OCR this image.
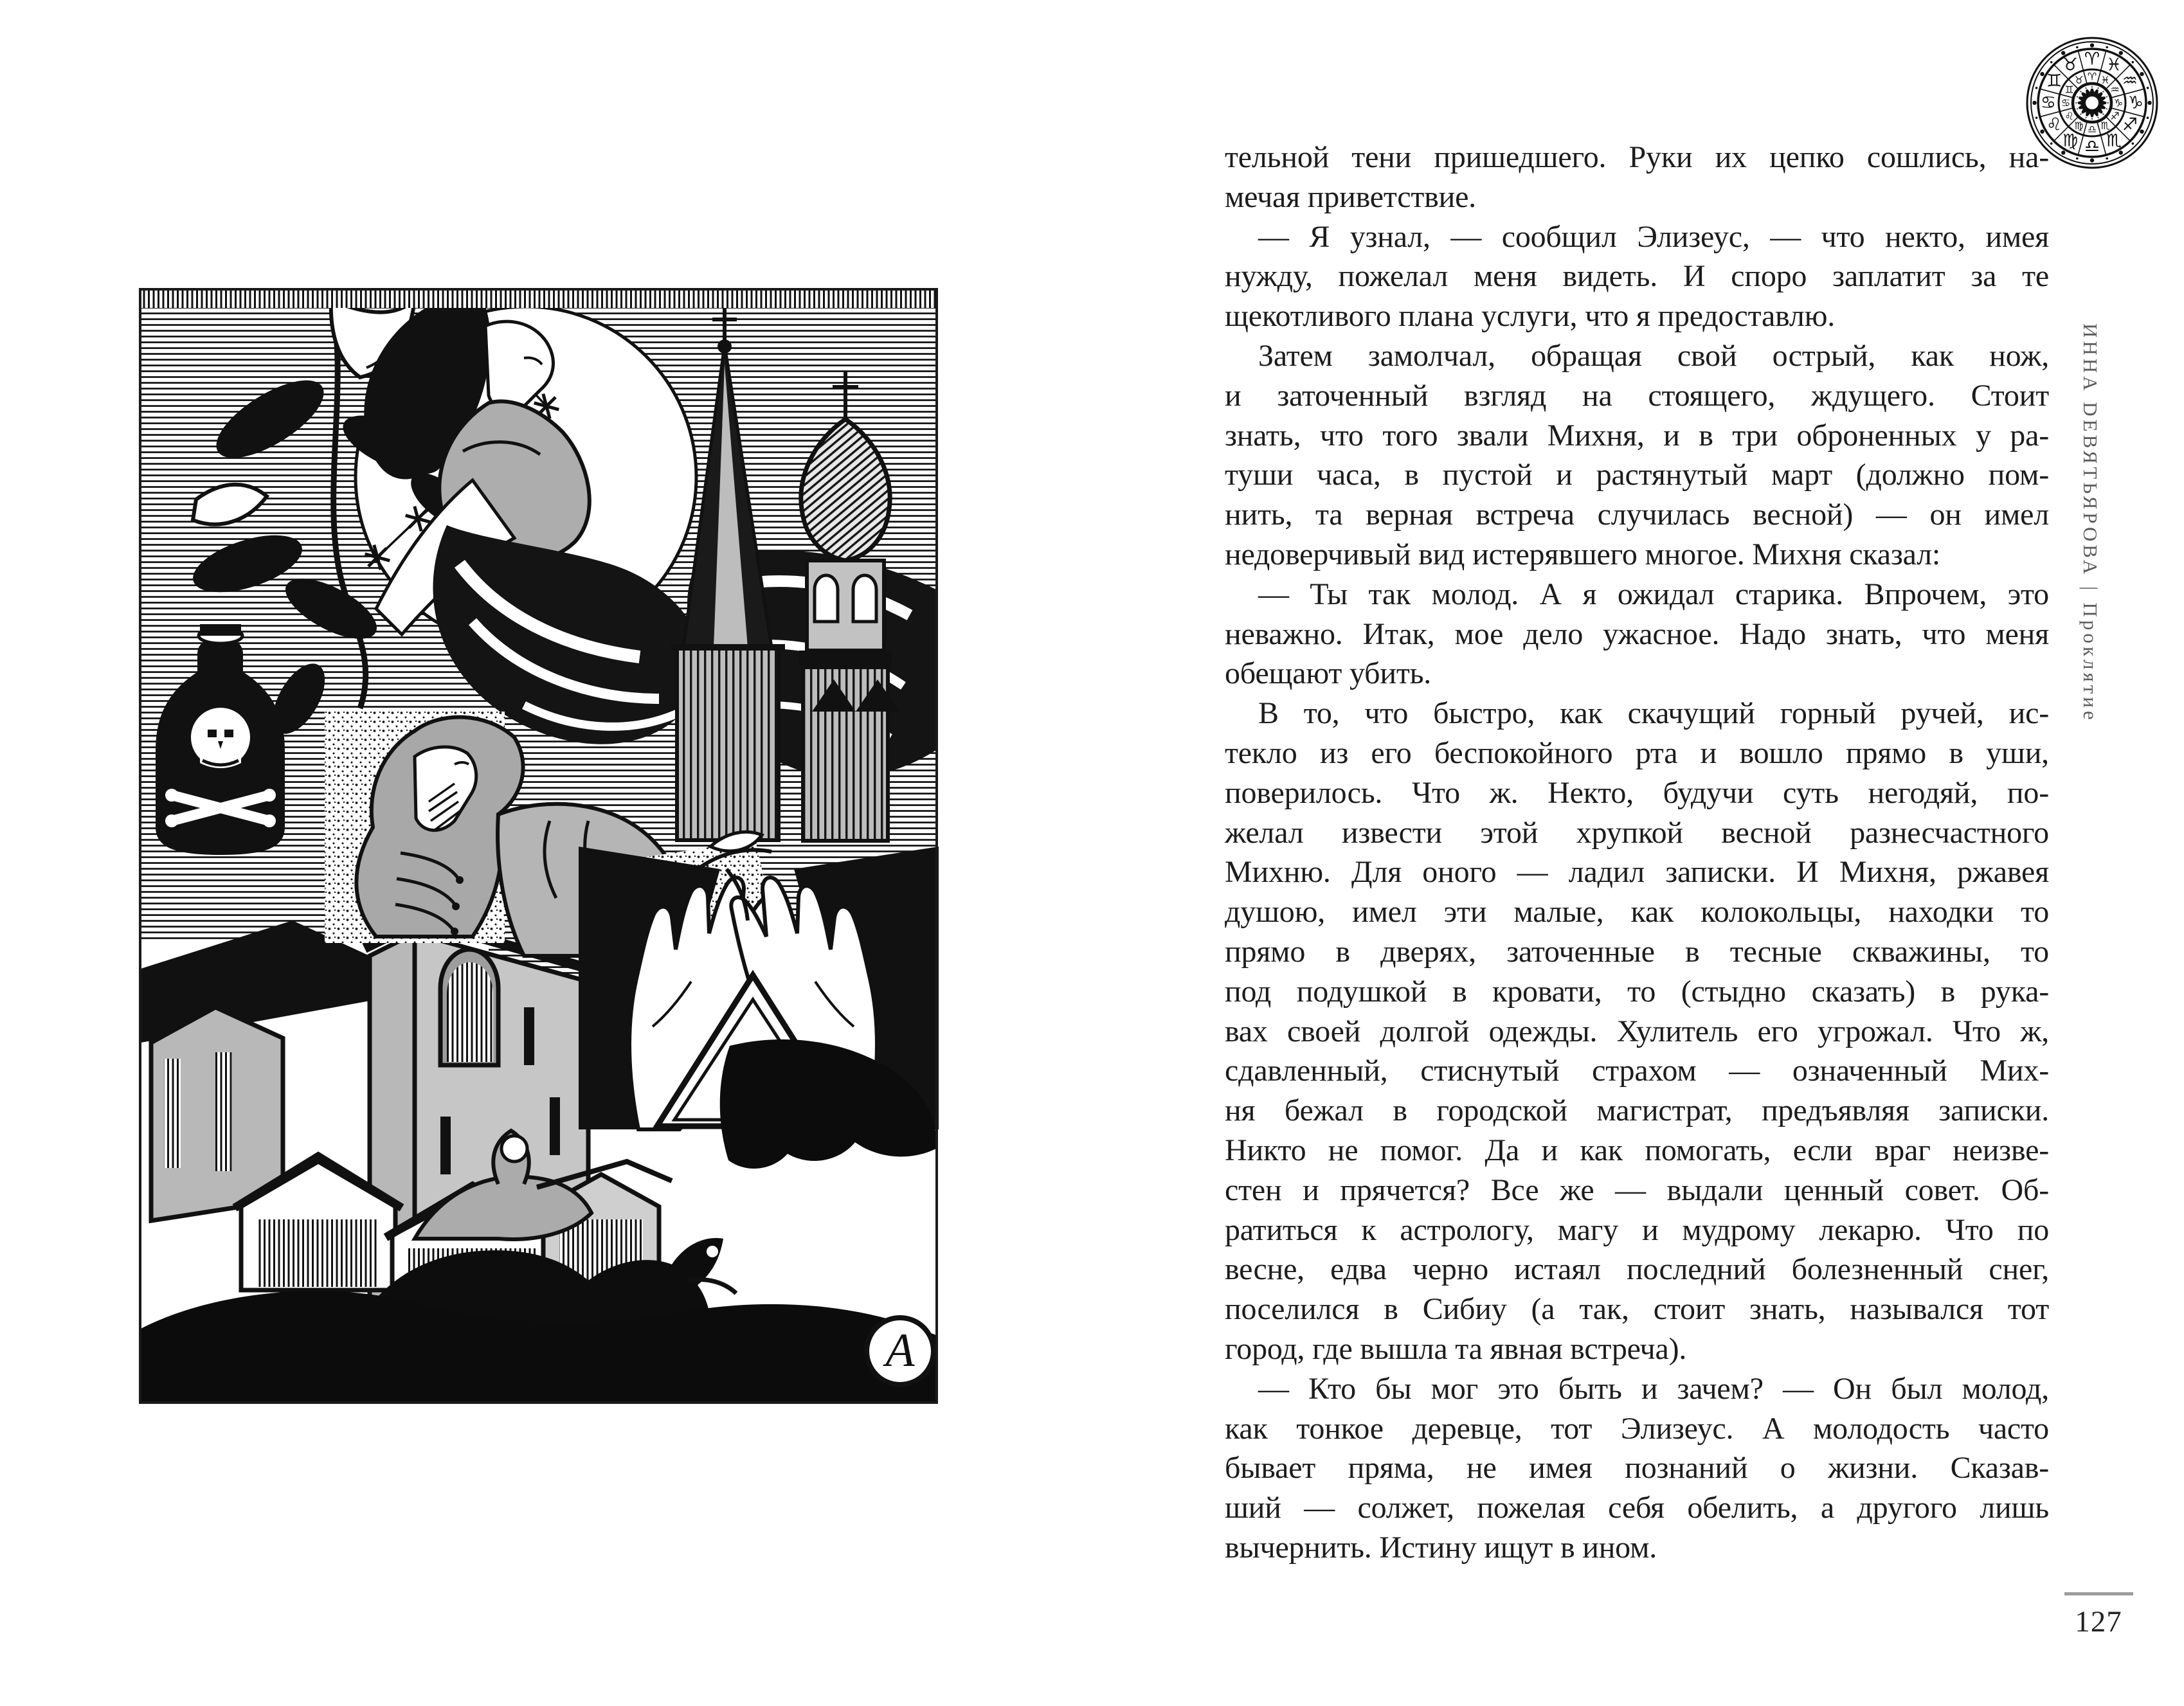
A
тельной тени пришедшего. Руки их цепко сошлись, на-
мечая приветствие.
— Я узнал, — сообщил Элизеус, — что некто, имея
нужду, пожелал меня видеть. И споро заплатит за те
щекотливого плана услуги, что я предоставлю.
Затем замолчал, обращая свой острый, как нож,
и заточенный взгляд на стоящего, ждущего. Стоит
знать, что того звали Михня, и в три оброненных у ра-
туши часа, в пустой и растянутый март (должно пом-
нить, та верная встреча случилась весной) — он имел
недоверчивый вид истерявшего многое. Михня сказал:
— Ты так молод. А я ожидал старика. Впрочем, это
неважно. Итак, мое дело ужасное. Надо знать, что меня
обещают убить.
В то, что быстро, как скачущий горный ручей, ис-
текло из его беспокойного рта и вошло прямо в уши,
поверилось. Что ж. Некто, будучи суть негодяй, по-
желал извести этой хрупкой весной разнесчастного
Михню. Для оного — ладил записки. И Михня, ржавея
душою, имел эти малые, как колокольцы, находки то
прямо в дверях, заточенные в тесные скважины, то
под подушкой в кровати, то (стыдно сказать) в рука-
вах своей долгой одежды. Хулитель его угрожал. Что ж,
сдавленный, стиснутый страхом — означенный Мих-
ня бежал в городской магистрат, предъявляя записки.
Никто не помог. Да и как помогать, если враг неизве-
стен и прячется? Все же — выдали ценный совет. Об-
ратиться к астрологу, магу и мудрому лекарю. Что по
весне, едва черно истаял последний болезненный снег,
поселился в Сибиу (а так, стоит знать, назывался тот
город, где вышла та явная встреча).
— Кто бы мог это быть и зачем? — Он был молод,
как тонкое деревце, тот Элизеус. А молодость часто
бывает пряма, не имея познаний о жизни. Сказав-
ший — солжет, пожелая себя обелить, а другого лишь
вычернить. Истину ищут в ином.
ИННА DЕВЯТЬЯРОВА|Проклятие
♈
♈
♓
♓ ♒
♒
♑
♑
♐
♐
♏
♏
♎
♎
♍
♍
♌ ♌
♋ ♋
♊ ♊
♉
♉
127
